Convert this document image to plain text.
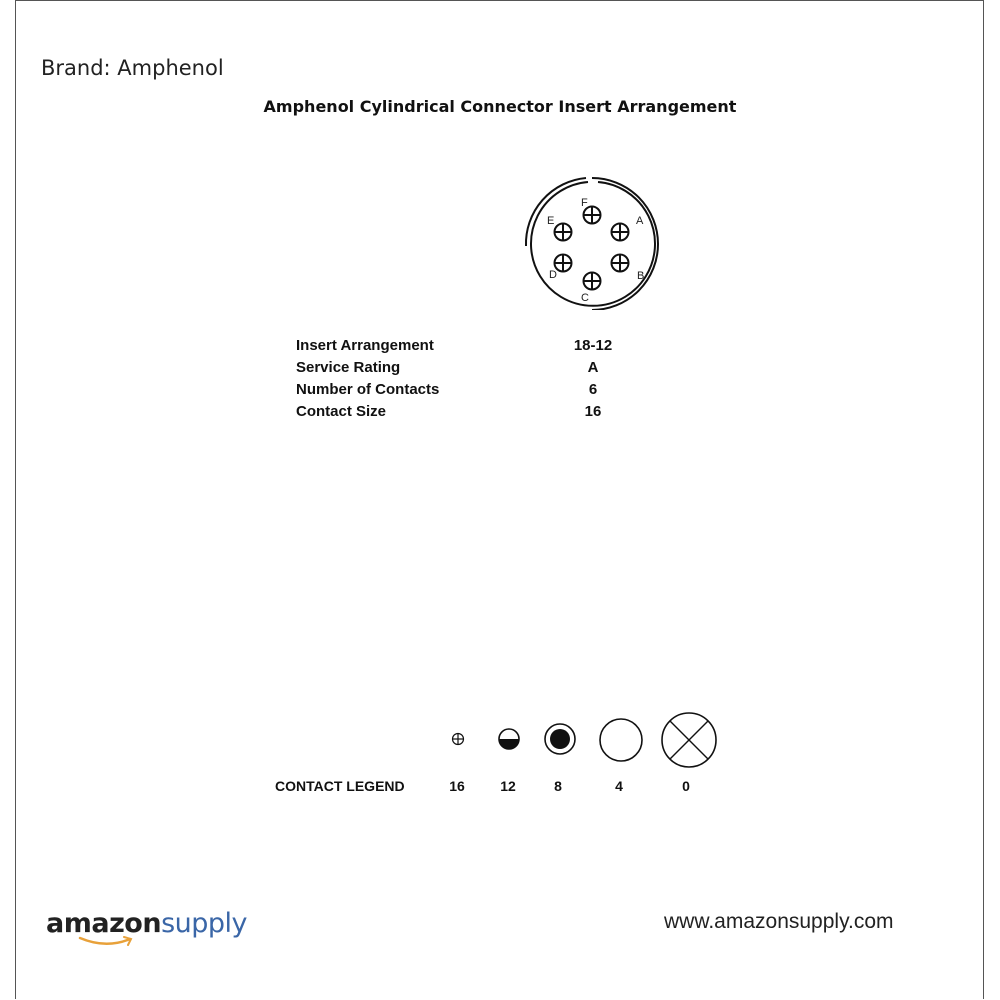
Brand: Amphenol
Amphenol Cylindrical Connector Insert Arrangement
A
B
C
D
E
F
Insert Arrangement	18-12
Service Rating	A
Number of Contacts	6
Contact Size	16
CONTACT LEGEND	16	12	8	4	0
amazonsupply	www.amazonsupply.com
